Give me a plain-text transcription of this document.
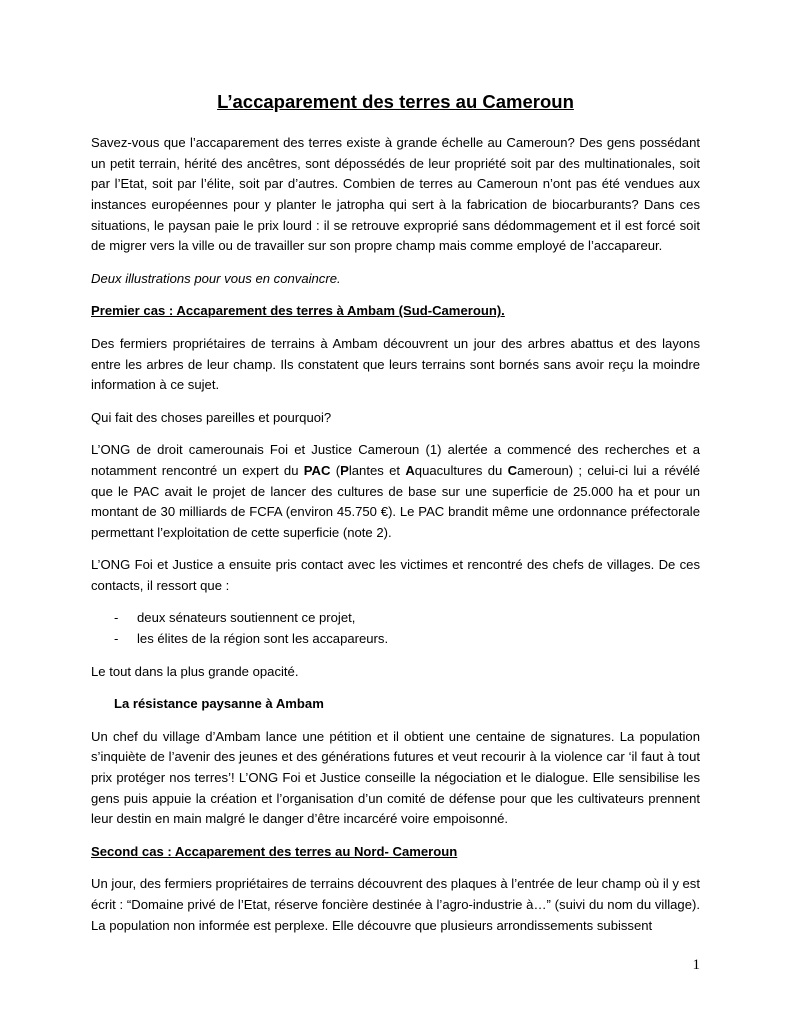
L’accaparement des terres au Cameroun

Savez-vous que l’accaparement des terres existe à grande échelle au Cameroun? Des gens possédant un petit terrain, hérité des ancêtres, sont dépossédés de leur propriété soit par des multinationales, soit par l’Etat, soit par l’élite, soit par d’autres. Combien de terres au Cameroun n’ont pas été vendues aux instances européennes pour y planter le jatropha qui sert à la fabrication de biocarburants? Dans ces situations, le paysan paie le prix lourd : il se retrouve exproprié sans dédommagement et il est forcé soit de migrer vers la ville ou de travailler sur son propre champ mais comme employé de l’accapareur.

Deux illustrations pour vous en convaincre.

Premier cas : Accaparement des terres à Ambam (Sud-Cameroun).

Des fermiers propriétaires de terrains à Ambam découvrent un jour des arbres abattus et des layons entre les arbres de leur champ. Ils constatent que leurs terrains sont bornés sans avoir reçu la moindre information à ce sujet.

Qui fait des choses pareilles et pourquoi?

L’ONG de droit camerounais Foi et Justice Cameroun (1) alertée a commencé des recherches et a notamment rencontré un expert du PAC (Plantes et Aquacultures du Cameroun) ; celui-ci lui a révélé que le PAC avait le projet de lancer des cultures de base sur une superficie de 25.000 ha et pour un montant de 30 milliards de FCFA (environ 45.750 €). Le PAC brandit même une ordonnance préfectorale permettant l’exploitation de cette superficie (note 2).

L’ONG Foi et Justice a ensuite pris contact avec les victimes et rencontré des chefs de villages. De ces contacts, il ressort que :

- deux sénateurs soutiennent ce projet,
- les élites de la région sont les accapareurs.

Le tout dans la plus grande opacité.

La résistance paysanne à Ambam

Un chef du village d’Ambam lance une pétition et il obtient une centaine de signatures. La population s’inquiète de l’avenir des jeunes et des générations futures et veut recourir à la violence car ‘il faut à tout prix protéger nos terres’! L’ONG Foi et Justice conseille la négociation et le dialogue. Elle sensibilise les gens puis appuie la création et l’organisation d’un comité de défense pour que les cultivateurs prennent leur destin en main malgré le danger d’être incarcéré voire empoisonné.

Second cas : Accaparement des terres au Nord- Cameroun

Un jour, des fermiers propriétaires de terrains découvrent des plaques à l’entrée de leur champ où il y est écrit : “Domaine privé de l’Etat, réserve foncière destinée à l’agro-industrie à…” (suivi du nom du village). La population non informée est perplexe. Elle découvre que plusieurs arrondissements subissent

1
